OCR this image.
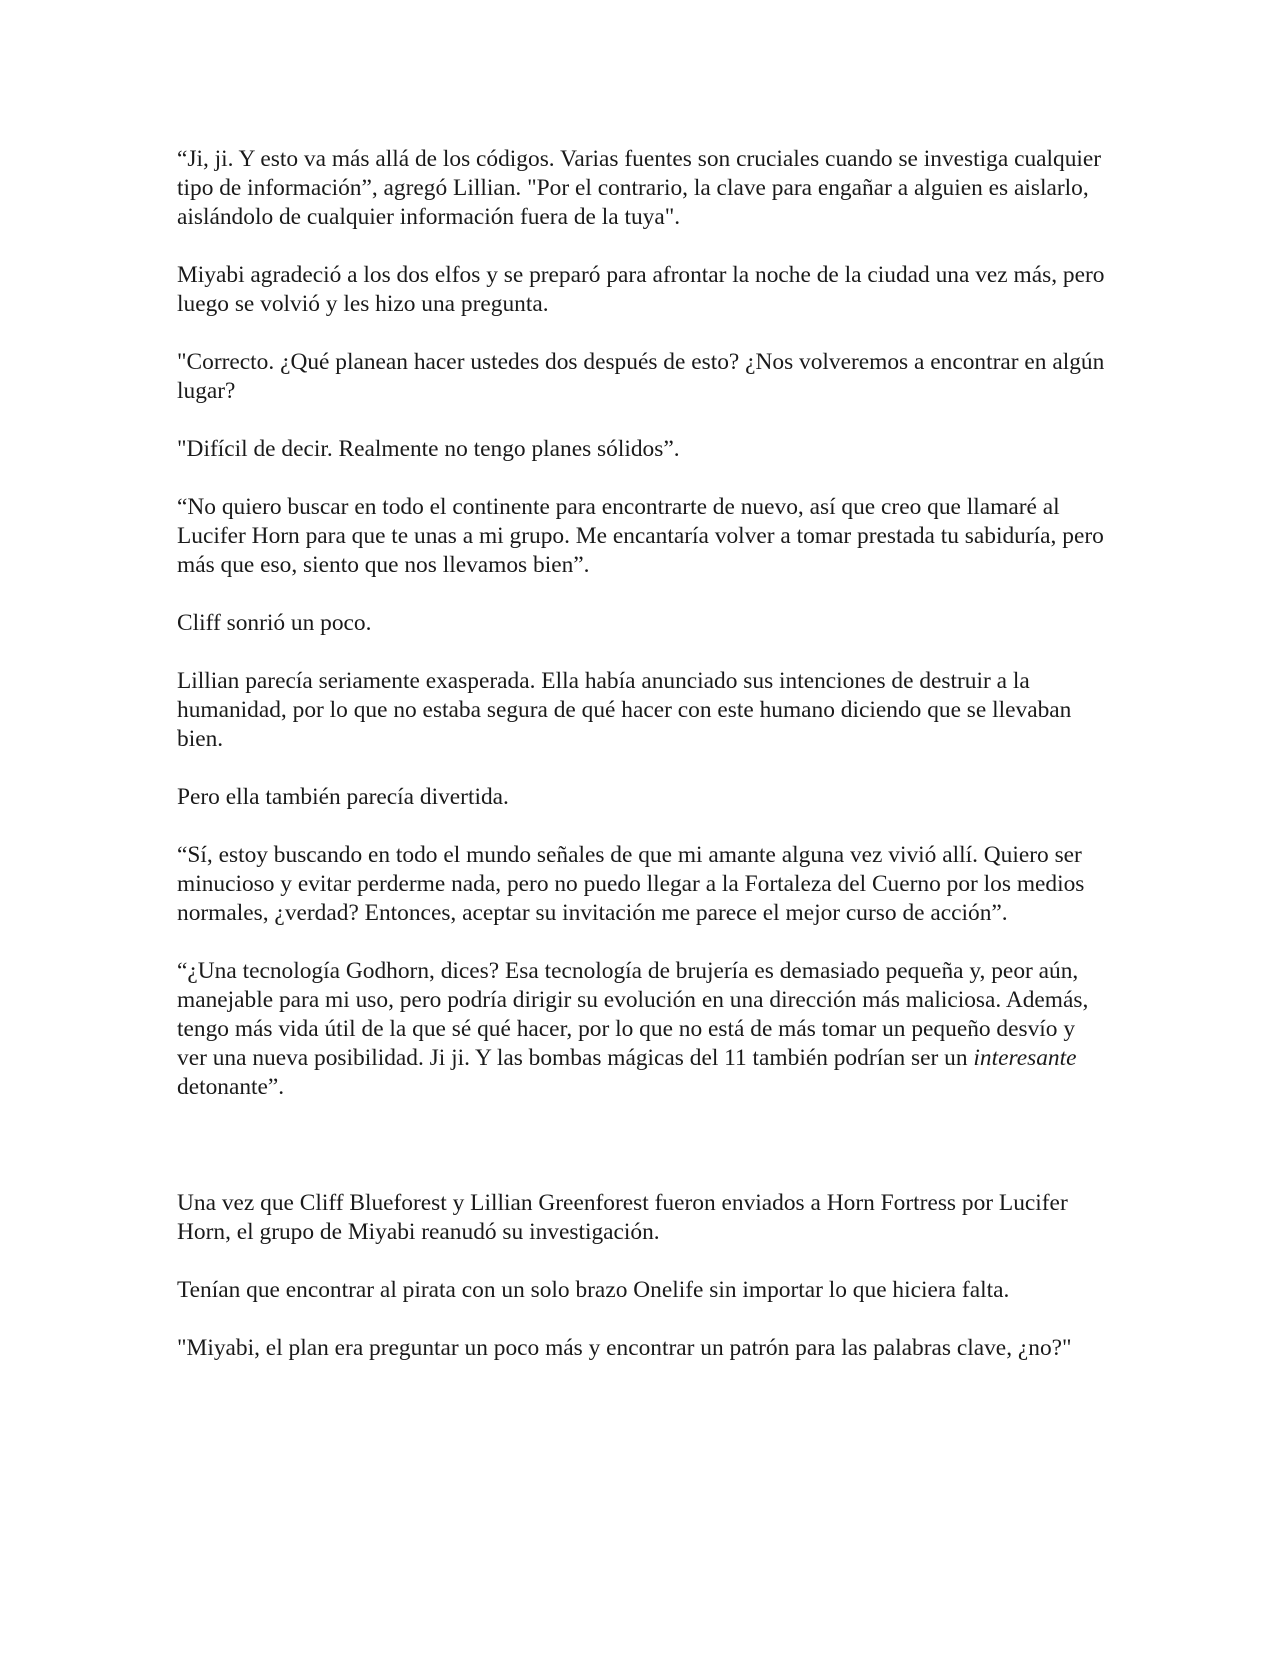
“Ji, ji. Y esto va más allá de los códigos. Varias fuentes son cruciales cuando se investiga cualquier tipo de información”, agregó Lillian. "Por el contrario, la clave para engañar a alguien es aislarlo, aislándolo de cualquier información fuera de la tuya".

Miyabi agradeció a los dos elfos y se preparó para afrontar la noche de la ciudad una vez más, pero luego se volvió y les hizo una pregunta.

"Correcto. ¿Qué planean hacer ustedes dos después de esto? ¿Nos volveremos a encontrar en algún lugar?

"Difícil de decir. Realmente no tengo planes sólidos”.

“No quiero buscar en todo el continente para encontrarte de nuevo, así que creo que llamaré al Lucifer Horn para que te unas a mi grupo. Me encantaría volver a tomar prestada tu sabiduría, pero más que eso, siento que nos llevamos bien”.

Cliff sonrió un poco.

Lillian parecía seriamente exasperada. Ella había anunciado sus intenciones de destruir a la humanidad, por lo que no estaba segura de qué hacer con este humano diciendo que se llevaban bien.

Pero ella también parecía divertida.

“Sí, estoy buscando en todo el mundo señales de que mi amante alguna vez vivió allí. Quiero ser minucioso y evitar perderme nada, pero no puedo llegar a la Fortaleza del Cuerno por los medios normales, ¿verdad? Entonces, aceptar su invitación me parece el mejor curso de acción”.

“¿Una tecnología Godhorn, dices? Esa tecnología de brujería es demasiado pequeña y, peor aún, manejable para mi uso, pero podría dirigir su evolución en una dirección más maliciosa. Además, tengo más vida útil de la que sé qué hacer, por lo que no está de más tomar un pequeño desvío y ver una nueva posibilidad. Ji ji. Y las bombas mágicas del 11 también podrían ser un interesante detonante”.

Una vez que Cliff Blueforest y Lillian Greenforest fueron enviados a Horn Fortress por Lucifer Horn, el grupo de Miyabi reanudó su investigación.

Tenían que encontrar al pirata con un solo brazo Onelife sin importar lo que hiciera falta.

"Miyabi, el plan era preguntar un poco más y encontrar un patrón para las palabras clave, ¿no?"
